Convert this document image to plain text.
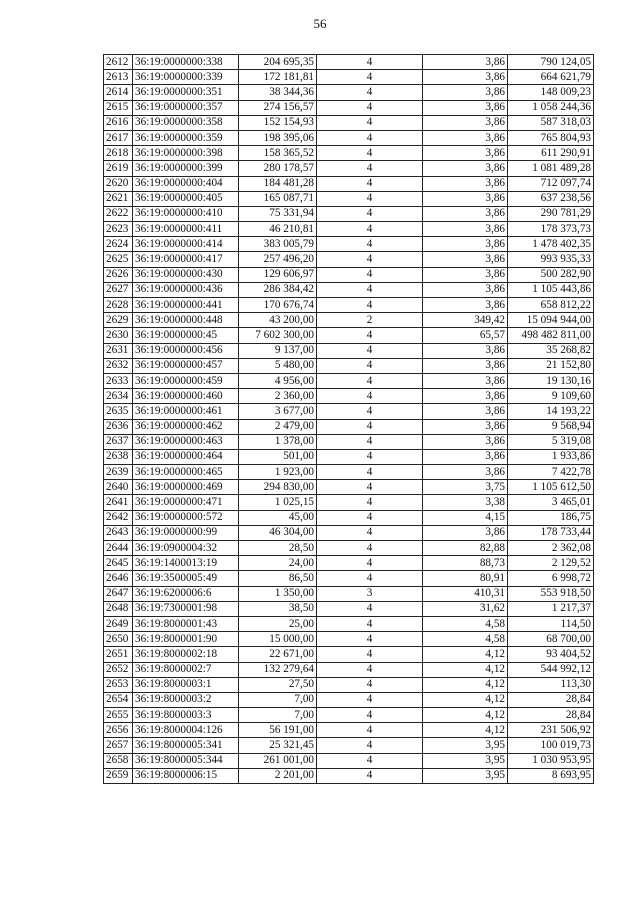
56
2612	36:19:0000000:338	204 695,35	4	3,86	790 124,05
2613	36:19:0000000:339	172 181,81	4	3,86	664 621,79
2614	36:19:0000000:351	38 344,36	4	3,86	148 009,23
2615	36:19:0000000:357	274 156,57	4	3,86	1 058 244,36
2616	36:19:0000000:358	152 154,93	4	3,86	587 318,03
2617	36:19:0000000:359	198 395,06	4	3,86	765 804,93
2618	36:19:0000000:398	158 365,52	4	3,86	611 290,91
2619	36:19:0000000:399	280 178,57	4	3,86	1 081 489,28
2620	36:19:0000000:404	184 481,28	4	3,86	712 097,74
2621	36:19:0000000:405	165 087,71	4	3,86	637 238,56
2622	36:19:0000000:410	75 331,94	4	3,86	290 781,29
2623	36:19:0000000:411	46 210,81	4	3,86	178 373,73
2624	36:19:0000000:414	383 005,79	4	3,86	1 478 402,35
2625	36:19:0000000:417	257 496,20	4	3,86	993 935,33
2626	36:19:0000000:430	129 606,97	4	3,86	500 282,90
2627	36:19:0000000:436	286 384,42	4	3,86	1 105 443,86
2628	36:19:0000000:441	170 676,74	4	3,86	658 812,22
2629	36:19:0000000:448	43 200,00	2	349,42	15 094 944,00
2630	36:19:0000000:45	7 602 300,00	4	65,57	498 482 811,00
2631	36:19:0000000:456	9 137,00	4	3,86	35 268,82
2632	36:19:0000000:457	5 480,00	4	3,86	21 152,80
2633	36:19:0000000:459	4 956,00	4	3,86	19 130,16
2634	36:19:0000000:460	2 360,00	4	3,86	9 109,60
2635	36:19:0000000:461	3 677,00	4	3,86	14 193,22
2636	36:19:0000000:462	2 479,00	4	3,86	9 568,94
2637	36:19:0000000:463	1 378,00	4	3,86	5 319,08
2638	36:19:0000000:464	501,00	4	3,86	1 933,86
2639	36:19:0000000:465	1 923,00	4	3,86	7 422,78
2640	36:19:0000000:469	294 830,00	4	3,75	1 105 612,50
2641	36:19:0000000:471	1 025,15	4	3,38	3 465,01
2642	36:19:0000000:572	45,00	4	4,15	186,75
2643	36:19:0000000:99	46 304,00	4	3,86	178 733,44
2644	36:19:0900004:32	28,50	4	82,88	2 362,08
2645	36:19:1400013:19	24,00	4	88,73	2 129,52
2646	36:19:3500005:49	86,50	4	80,91	6 998,72
2647	36:19:6200006:6	1 350,00	3	410,31	553 918,50
2648	36:19:7300001:98	38,50	4	31,62	1 217,37
2649	36:19:8000001:43	25,00	4	4,58	114,50
2650	36:19:8000001:90	15 000,00	4	4,58	68 700,00
2651	36:19:8000002:18	22 671,00	4	4,12	93 404,52
2652	36:19:8000002:7	132 279,64	4	4,12	544 992,12
2653	36:19:8000003:1	27,50	4	4,12	113,30
2654	36:19:8000003:2	7,00	4	4,12	28,84
2655	36:19:8000003:3	7,00	4	4,12	28,84
2656	36:19:8000004:126	56 191,00	4	4,12	231 506,92
2657	36:19:8000005:341	25 321,45	4	3,95	100 019,73
2658	36:19:8000005:344	261 001,00	4	3,95	1 030 953,95
2659	36:19:8000006:15	2 201,00	4	3,95	8 693,95
